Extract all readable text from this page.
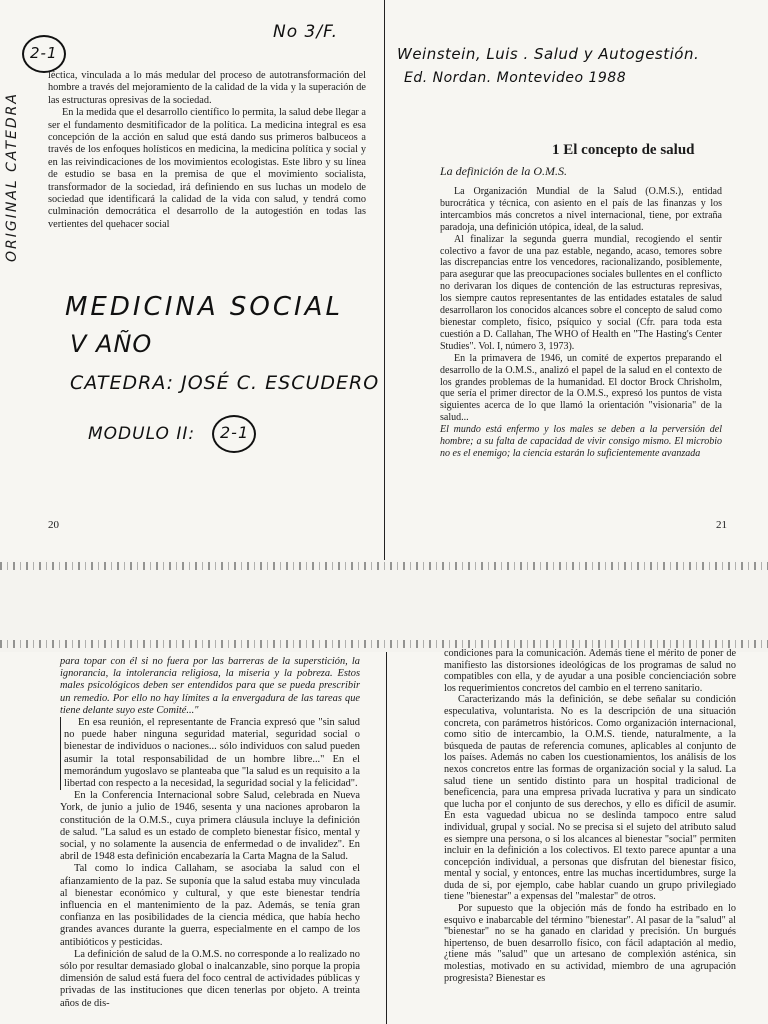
2-1
No 3/F.
ORIGINAL CATEDRA

léctica, vinculada a lo más medular del proceso de autotransformación del hombre a través del mejoramiento de la calidad de la vida y la superación de las estructuras opresivas de la sociedad.

En la medida que el desarrollo científico lo permita, la salud debe llegar a ser el fundamento desmitificador de la política. La medicina integral es esa concepción de la acción en salud que está dando sus primeros balbuceos a través de los enfoques holísticos en medicina, la medicina política y social y en las reivindicaciones de los movimientos ecologistas. Este libro y su línea de estudio se basa en la premisa de que el movimiento socialista, transformador de la sociedad, irá definiendo en sus luchas un modelo de sociedad que identificará la calidad de la vida con salud, y tendrá como culminación democrática el desarrollo de la autogestión en todas las vertientes del quehacer social

MEDICINA SOCIAL
V AÑO
CATEDRA: JOSÉ C. ESCUDERO
MODULO II: 2-1
20
Weinstein, Luis . Salud y Autogestión.
Ed. Nordan. Montevideo 1988
1 El concepto de salud
La definición de la O.M.S.

La Organización Mundial de la Salud (O.M.S.), entidad burocrática y técnica, con asiento en el país de las finanzas y los intercambios más concretos a nivel internacional, tiene, por extraña paradoja, una definición utópica, ideal, de la salud.

Al finalizar la segunda guerra mundial, recogiendo el sentir colectivo a favor de una paz estable, negando, acaso, temores sobre las discrepancias entre los vencedores, racionalizando, posiblemente, para asegurar que las preocupaciones sociales bullentes en el conflicto no derivaran los diques de contención de las estructuras represivas, los siempre cautos representantes de las entidades estatales de salud desarrollaron los conocidos alcances sobre el concepto de salud como bienestar completo, físico, psíquico y social (Cfr. para toda esta cuestión a D. Callahan, The WHO of Health en "The Hasting's Center Studies". Vol. I, número 3, 1973).

En la primavera de 1946, un comité de expertos preparando el desarrollo de la O.M.S., analizó el papel de la salud en el contexto de los grandes problemas de la humanidad. El doctor Brock Chrisholm, que sería el primer director de la O.M.S., expresó los puntos de vista siguientes acerca de lo que llamó la orientación "visionaria" de la salud...

El mundo está enfermo y los males se deben a la perversión del hombre; a su falta de capacidad de vivir consigo mismo. El microbio no es el enemigo; la ciencia estarán lo suficientemente avanzada

21

para topar con él si no fuera por las barreras de la superstición, la ignorancia, la intolerancia religiosa, la miseria y la pobreza. Estos males psicológicos deben ser entendidos para que se pueda prescribir un remedio. Por ello no hay límites a la envergadura de las tareas que tiene delante suyo este Comité..."

En esa reunión, el representante de Francia expresó que "sin salud no puede haber ninguna seguridad material, seguridad social o bienestar de individuos o naciones... sólo individuos con salud pueden asumir la total responsabilidad de un hombre libre..." En el memorándum yugoslavo se planteaba que "la salud es un requisito a la libertad con respecto a la necesidad, la seguridad social y la felicidad".

En la Conferencia Internacional sobre Salud, celebrada en Nueva York, de junio a julio de 1946, sesenta y una naciones aprobaron la constitución de la O.M.S., cuya primera cláusula incluye la definición de salud. "La salud es un estado de completo bienestar físico, mental y social, y no solamente la ausencia de enfermedad o de invalidez". En abril de 1948 esta definición encabezaría la Carta Magna de la Salud.

Tal como lo indica Callaham, se asociaba la salud con el afianzamiento de la paz. Se suponía que la salud estaba muy vinculada al bienestar económico y cultural, y que este bienestar tendría influencia en el mantenimiento de la paz. Además, se tenía gran confianza en las posibilidades de la ciencia médica, que había hecho grandes avances durante la guerra, especialmente en el campo de los antibióticos y pesticidas.

La definición de salud de la O.M.S. no corresponde a lo realizado no sólo por resultar demasiado global o inalcanzable, sino porque la propia dimensión de salud está fuera del foco central de actividades públicas y privadas de las instituciones que dicen tenerlas por objeto. A treinta años de dis-

condiciones para la comunicación. Además tiene el mérito de poner de manifiesto las distorsiones ideológicas de los programas de salud no compatibles con ella, y de ayudar a una posible concienciación sobre los requerimientos concretos del cambio en el terreno sanitario.

Caracterizando más la definición, se debe señalar su condición especulativa, voluntarista. No es la descripción de una situación concreta, con parámetros históricos. Como organización internacional, como sitio de intercambio, la O.M.S. tiende, naturalmente, a la búsqueda de pautas de referencia comunes, aplicables al conjunto de los países. Además no caben los cuestionamientos, los análisis de los nexos concretos entre las formas de organización social y la salud. La salud tiene un sentido distinto para un hospital tradicional de beneficencia, para una empresa privada lucrativa y para un sindicato que lucha por el conjunto de sus derechos, y ello es difícil de asumir. En esta vaguedad ubicua no se deslinda tampoco entre salud individual, grupal y social. No se precisa si el sujeto del atributo salud es siempre una persona, o si los alcances al bienestar "social" permiten incluir en la definición a los colectivos. El texto parece apuntar a una concepción individual, a personas que disfrutan del bienestar físico, mental y social, y entonces, entre las muchas incertidumbres, surge la duda de si, por ejemplo, cabe hablar cuando un grupo privilegiado tiene "bienestar" a expensas del "malestar" de otros.

Por supuesto que la objeción más de fondo ha estribado en lo esquivo e inabarcable del término "bienestar". Al pasar de la "salud" al "bienestar" no se ha ganado en claridad y precisión. Un burgués hipertenso, de buen desarrollo físico, con fácil adaptación al medio, ¿tiene más "salud" que un artesano de complexión asténica, sin molestias, motivado en su actividad, miembro de una agrupación progresista? Bienestar es
